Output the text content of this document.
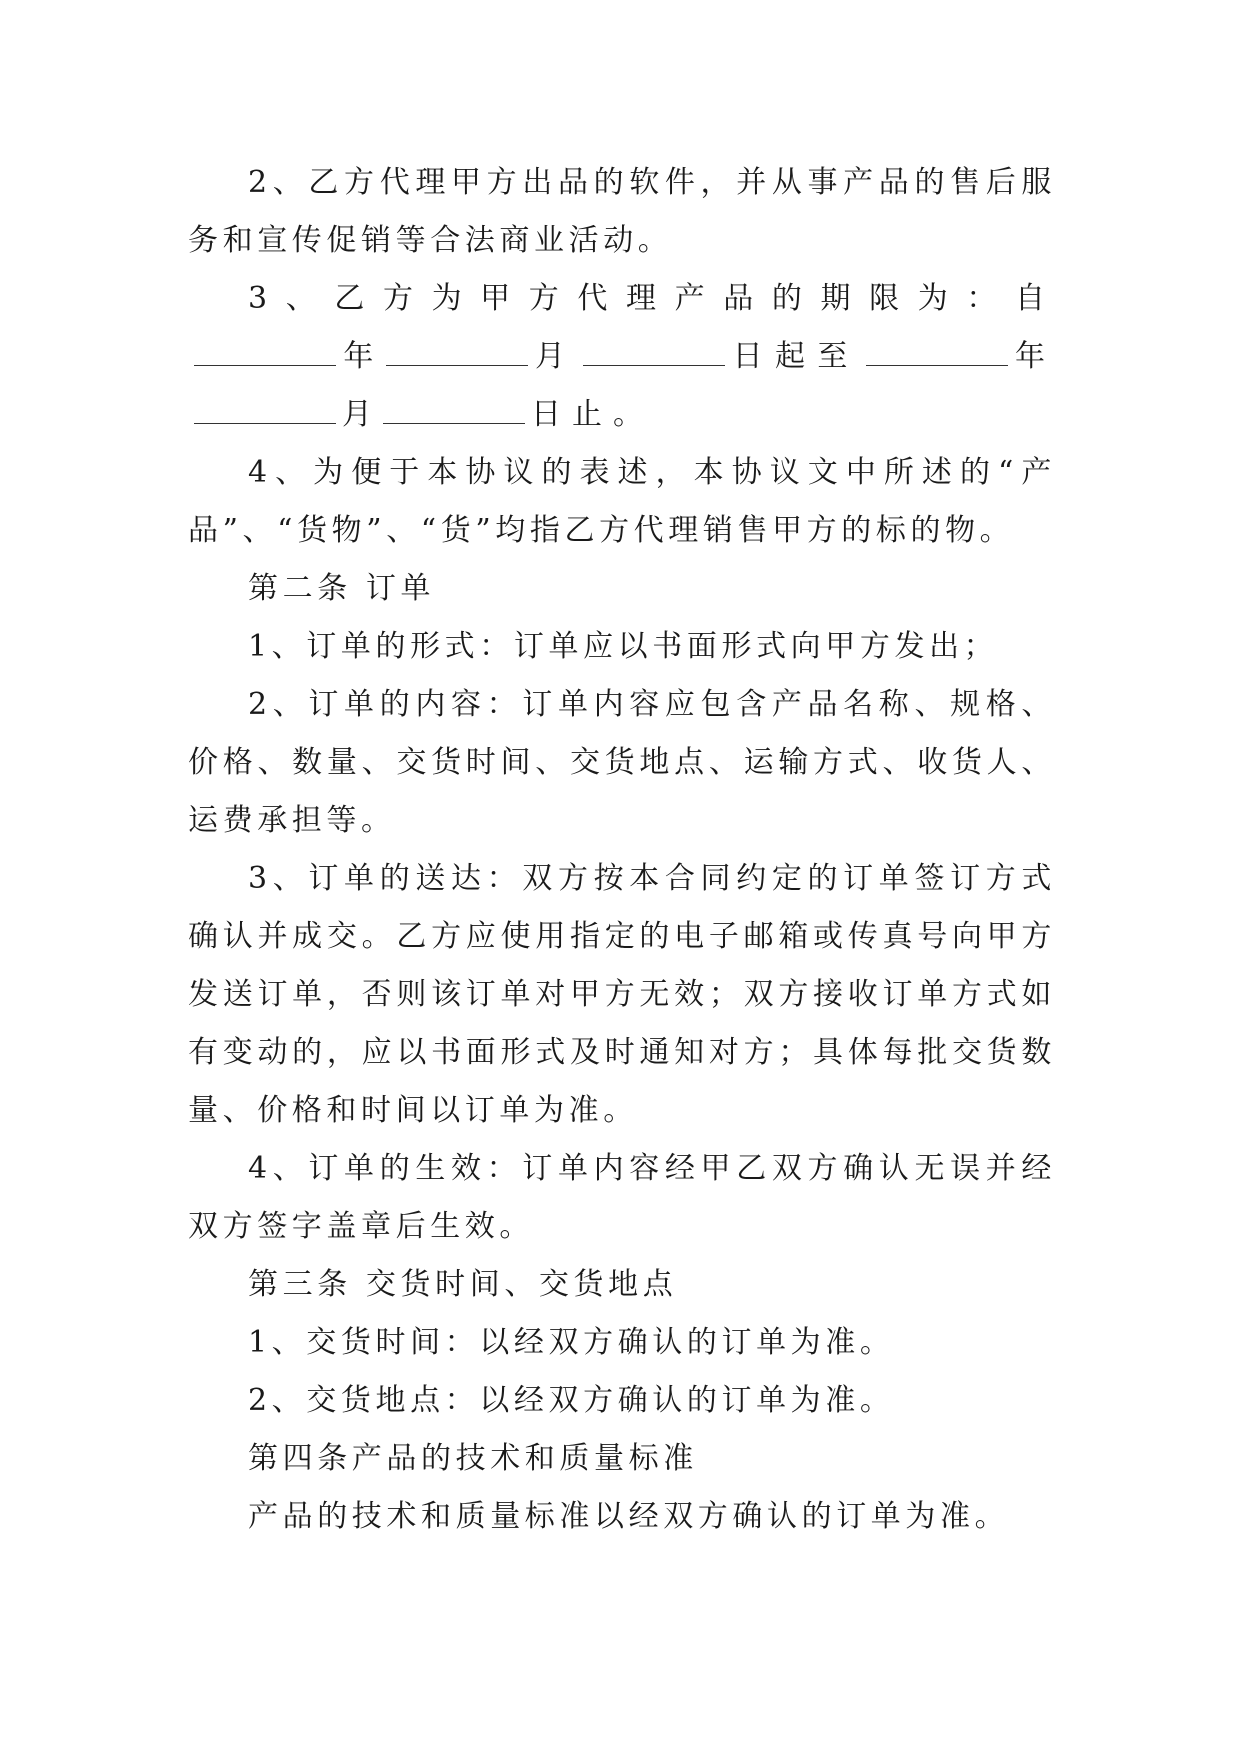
2、乙方代理甲方出品的软件，并从事产品的售后服务和宣传促销等合法商业活动。

3、乙方为甲方代理产品的期限为：自年	月	日起至	年月	日止。

4、为便于本协议的表述，本协议文中所述的“产品”、“货物”、“货”均指乙方代理销售甲方的标的物。

第二条 订单

1、订单的形式：订单应以书面形式向甲方发出；

2、订单的内容：订单内容应包含产品名称、规格、价格、数量、交货时间、交货地点、运输方式、收货人、运费承担等。

3、订单的送达：双方按本合同约定的订单签订方式确认并成交。乙方应使用指定的电子邮箱或传真号向甲方发送订单，否则该订单对甲方无效；双方接收订单方式如有变动的，应以书面形式及时通知对方；具体每批交货数量、价格和时间以订单为准。

4、订单的生效：订单内容经甲乙双方确认无误并经双方签字盖章后生效。

第三条 交货时间、交货地点

1、交货时间：以经双方确认的订单为准。

2、交货地点：以经双方确认的订单为准。

第四条产品的技术和质量标准

产品的技术和质量标准以经双方确认的订单为准。
